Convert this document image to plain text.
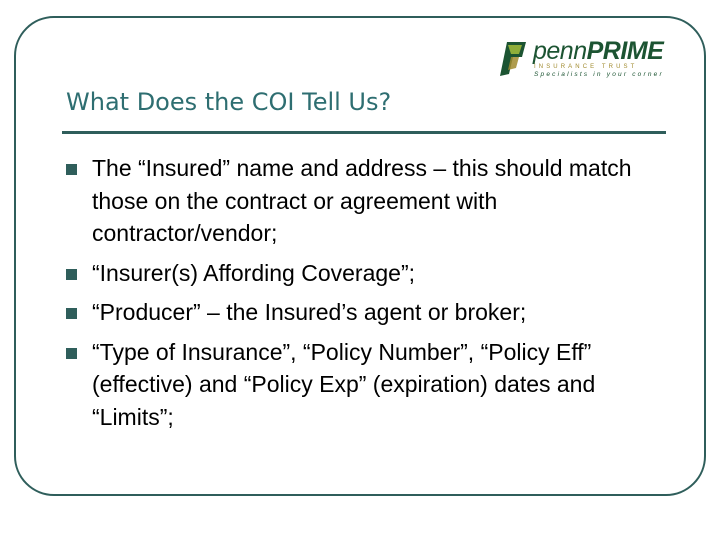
pennPRIME
INSURANCE TRUST
Specialists in your corner
What Does the COI Tell Us?
The “Insured” name and address – this should match those on the contract or agreement with contractor/vendor;
“Insurer(s) Affording Coverage”;
“Producer” – the Insured’s agent or broker;
“Type of Insurance”, “Policy Number”, “Policy Eff” (effective) and “Policy Exp” (expiration) dates and “Limits”;
